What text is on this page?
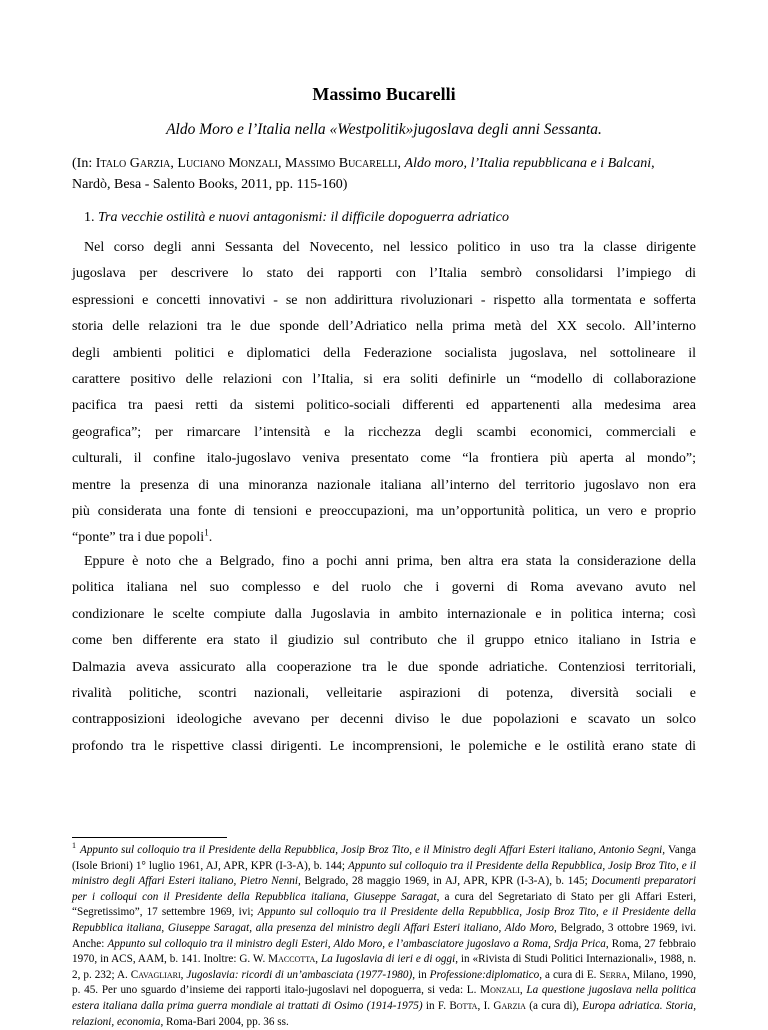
Massimo Bucarelli
Aldo Moro e l’Italia nella «Westpolitik»jugoslava degli anni Sessanta.
(In: Italo Garzia, Luciano Monzali, Massimo Bucarelli, Aldo moro, l’Italia repubblicana e i Balcani, Nardò, Besa - Salento Books, 2011, pp. 115-160)
1. Tra vecchie ostilità e nuovi antagonismi: il difficile dopoguerra adriatico
Nel corso degli anni Sessanta del Novecento, nel lessico politico in uso tra la classe dirigente
jugoslava per descrivere lo stato dei rapporti con l’Italia sembrò consolidarsi l’impiego di
espressioni e concetti innovativi - se non addirittura rivoluzionari - rispetto alla tormentata e sofferta
storia delle relazioni tra le due sponde dell’Adriatico nella prima metà del XX secolo. All’interno
degli ambienti politici e diplomatici della Federazione socialista jugoslava, nel sottolineare il
carattere positivo delle relazioni con l’Italia, si era soliti definirle un “modello di collaborazione
pacifica tra paesi retti da sistemi politico-sociali differenti ed appartenenti alla medesima area
geografica”; per rimarcare l’intensità e la ricchezza degli scambi economici, commerciali e
culturali, il confine italo-jugoslavo veniva presentato come “la frontiera più aperta al mondo”;
mentre la presenza di una minoranza nazionale italiana all’interno del territorio jugoslavo non era
più considerata una fonte di tensioni e preoccupazioni, ma un’opportunità politica, un vero e proprio
“ponte” tra i due popoli$^1$.
Eppure è noto che a Belgrado, fino a pochi anni prima, ben altra era stata la considerazione della
politica italiana nel suo complesso e del ruolo che i governi di Roma avevano avuto nel
condizionare le scelte compiute dalla Jugoslavia in ambito internazionale e in politica interna; così
come ben differente era stato il giudizio sul contributo che il gruppo etnico italiano in Istria e
Dalmazia aveva assicurato alla cooperazione tra le due sponde adriatiche. Contenziosi territoriali,
rivalità politiche, scontri nazionali, velleitarie aspirazioni di potenza, diversità sociali e
contrapposizioni ideologiche avevano per decenni diviso le due popolazioni e scavato un solco
profondo tra le rispettive classi dirigenti. Le incomprensioni, le polemiche e le ostilità erano state di
$^1$ Appunto sul colloquio tra il Presidente della Repubblica, Josip Broz Tito, e il Ministro degli Affari Esteri italiano, Antonio Segni, Vanga (Isole Brioni) 1° luglio 1961, AJ, APR, KPR (I-3-A), b. 144; Appunto sul colloquio tra il Presidente della Repubblica, Josip Broz Tito, e il ministro degli Affari Esteri italiano, Pietro Nenni, Belgrado, 28 maggio 1969, in AJ, APR, KPR (I-3-A), b. 145; Documenti preparatori per i colloqui con il Presidente della Repubblica italiana, Giuseppe Saragat, a cura del Segretariato di Stato per gli Affari Esteri, “Segretissimo”, 17 settembre 1969, ivi; Appunto sul colloquio tra il Presidente della Repubblica, Josip Broz Tito, e il Presidente della Repubblica italiana, Giuseppe Saragat, alla presenza del ministro degli Affari Esteri italiano, Aldo Moro, Belgrado, 3 ottobre 1969, ivi. Anche: Appunto sul colloquio tra il ministro degli Esteri, Aldo Moro, e l’ambasciatore jugoslavo a Roma, Srdja Prica, Roma, 27 febbraio 1970, in ACS, AAM, b. 141. Inoltre: G. W. Maccotta, La Iugoslavia di ieri e di oggi, in «Rivista di Studi Politici Internazionali», 1988, n. 2, p. 232; A. Cavagliari, Jugoslavia: ricordi di un’ambasciata (1977-1980), in Professione:diplomatico, a cura di E. Serra, Milano, 1990, p. 45. Per uno sguardo d’insieme dei rapporti italo-jugoslavi nel dopoguerra, si veda: L. Monzali, La questione jugoslava nella politica estera italiana dalla prima guerra mondiale ai trattati di Osimo (1914-1975) in F. Botta, I. Garzia (a cura di), Europa adriatica. Storia, relazioni, economia, Roma-Bari 2004, pp. 36 ss.
